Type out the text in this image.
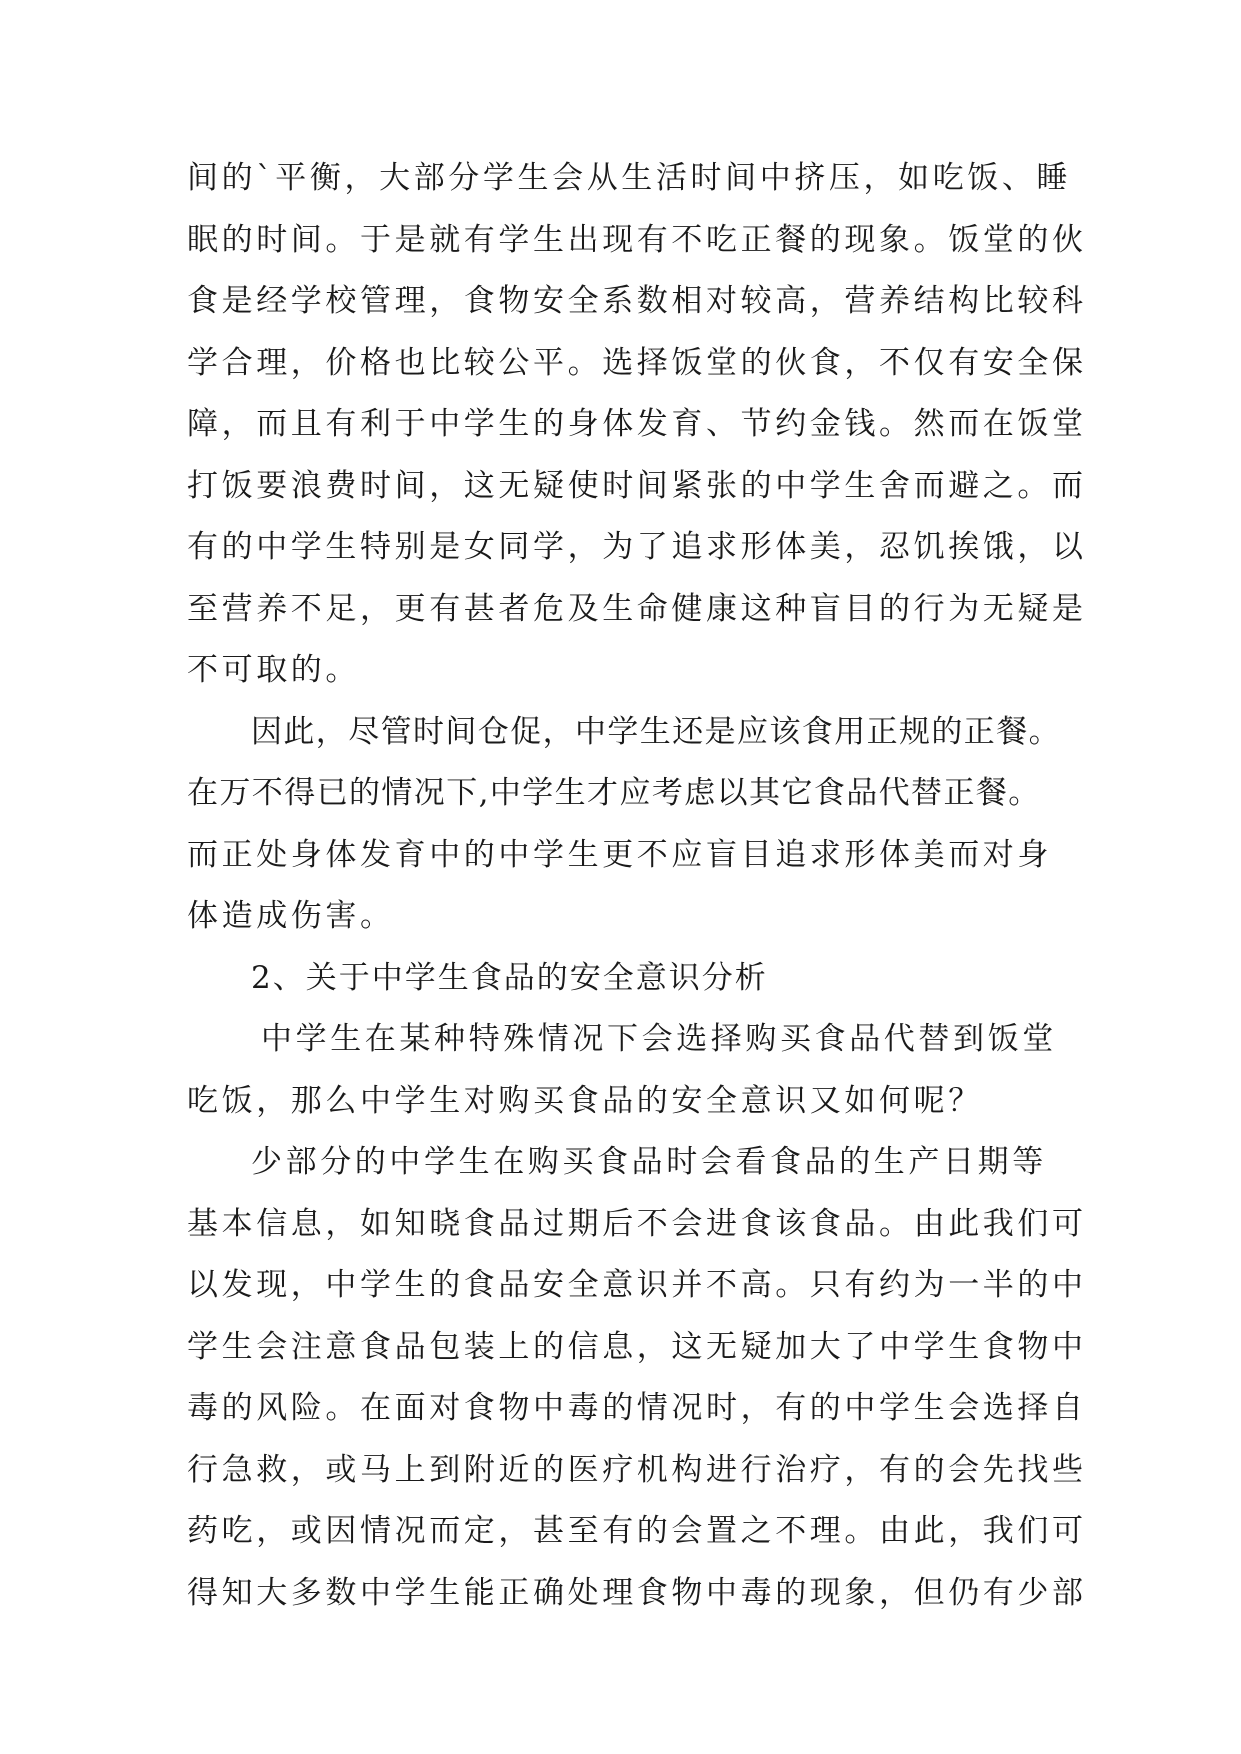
间的`平衡，大部分学生会从生活时间中挤压，如吃饭、睡
眠的时间。于是就有学生出现有不吃正餐的现象。饭堂的伙
食是经学校管理，食物安全系数相对较高，营养结构比较科
学合理，价格也比较公平。选择饭堂的伙食，不仅有安全保
障，而且有利于中学生的身体发育、节约金钱。然而在饭堂
打饭要浪费时间，这无疑使时间紧张的中学生舍而避之。而
有的中学生特别是女同学，为了追求形体美，忍饥挨饿，以
至营养不足，更有甚者危及生命健康这种盲目的行为无疑是
不可取的。
因此，尽管时间仓促，中学生还是应该食用正规的正餐。
在万不得已的情况下,中学生才应考虑以其它食品代替正餐。
而正处身体发育中的中学生更不应盲目追求形体美而对身
体造成伤害。
2、关于中学生食品的安全意识分析
中学生在某种特殊情况下会选择购买食品代替到饭堂
吃饭，那么中学生对购买食品的安全意识又如何呢？
少部分的中学生在购买食品时会看食品的生产日期等
基本信息，如知晓食品过期后不会进食该食品。由此我们可
以发现，中学生的食品安全意识并不高。只有约为一半的中
学生会注意食品包装上的信息，这无疑加大了中学生食物中
毒的风险。在面对食物中毒的情况时，有的中学生会选择自
行急救，或马上到附近的医疗机构进行治疗，有的会先找些
药吃，或因情况而定，甚至有的会置之不理。由此，我们可
得知大多数中学生能正确处理食物中毒的现象，但仍有少部
